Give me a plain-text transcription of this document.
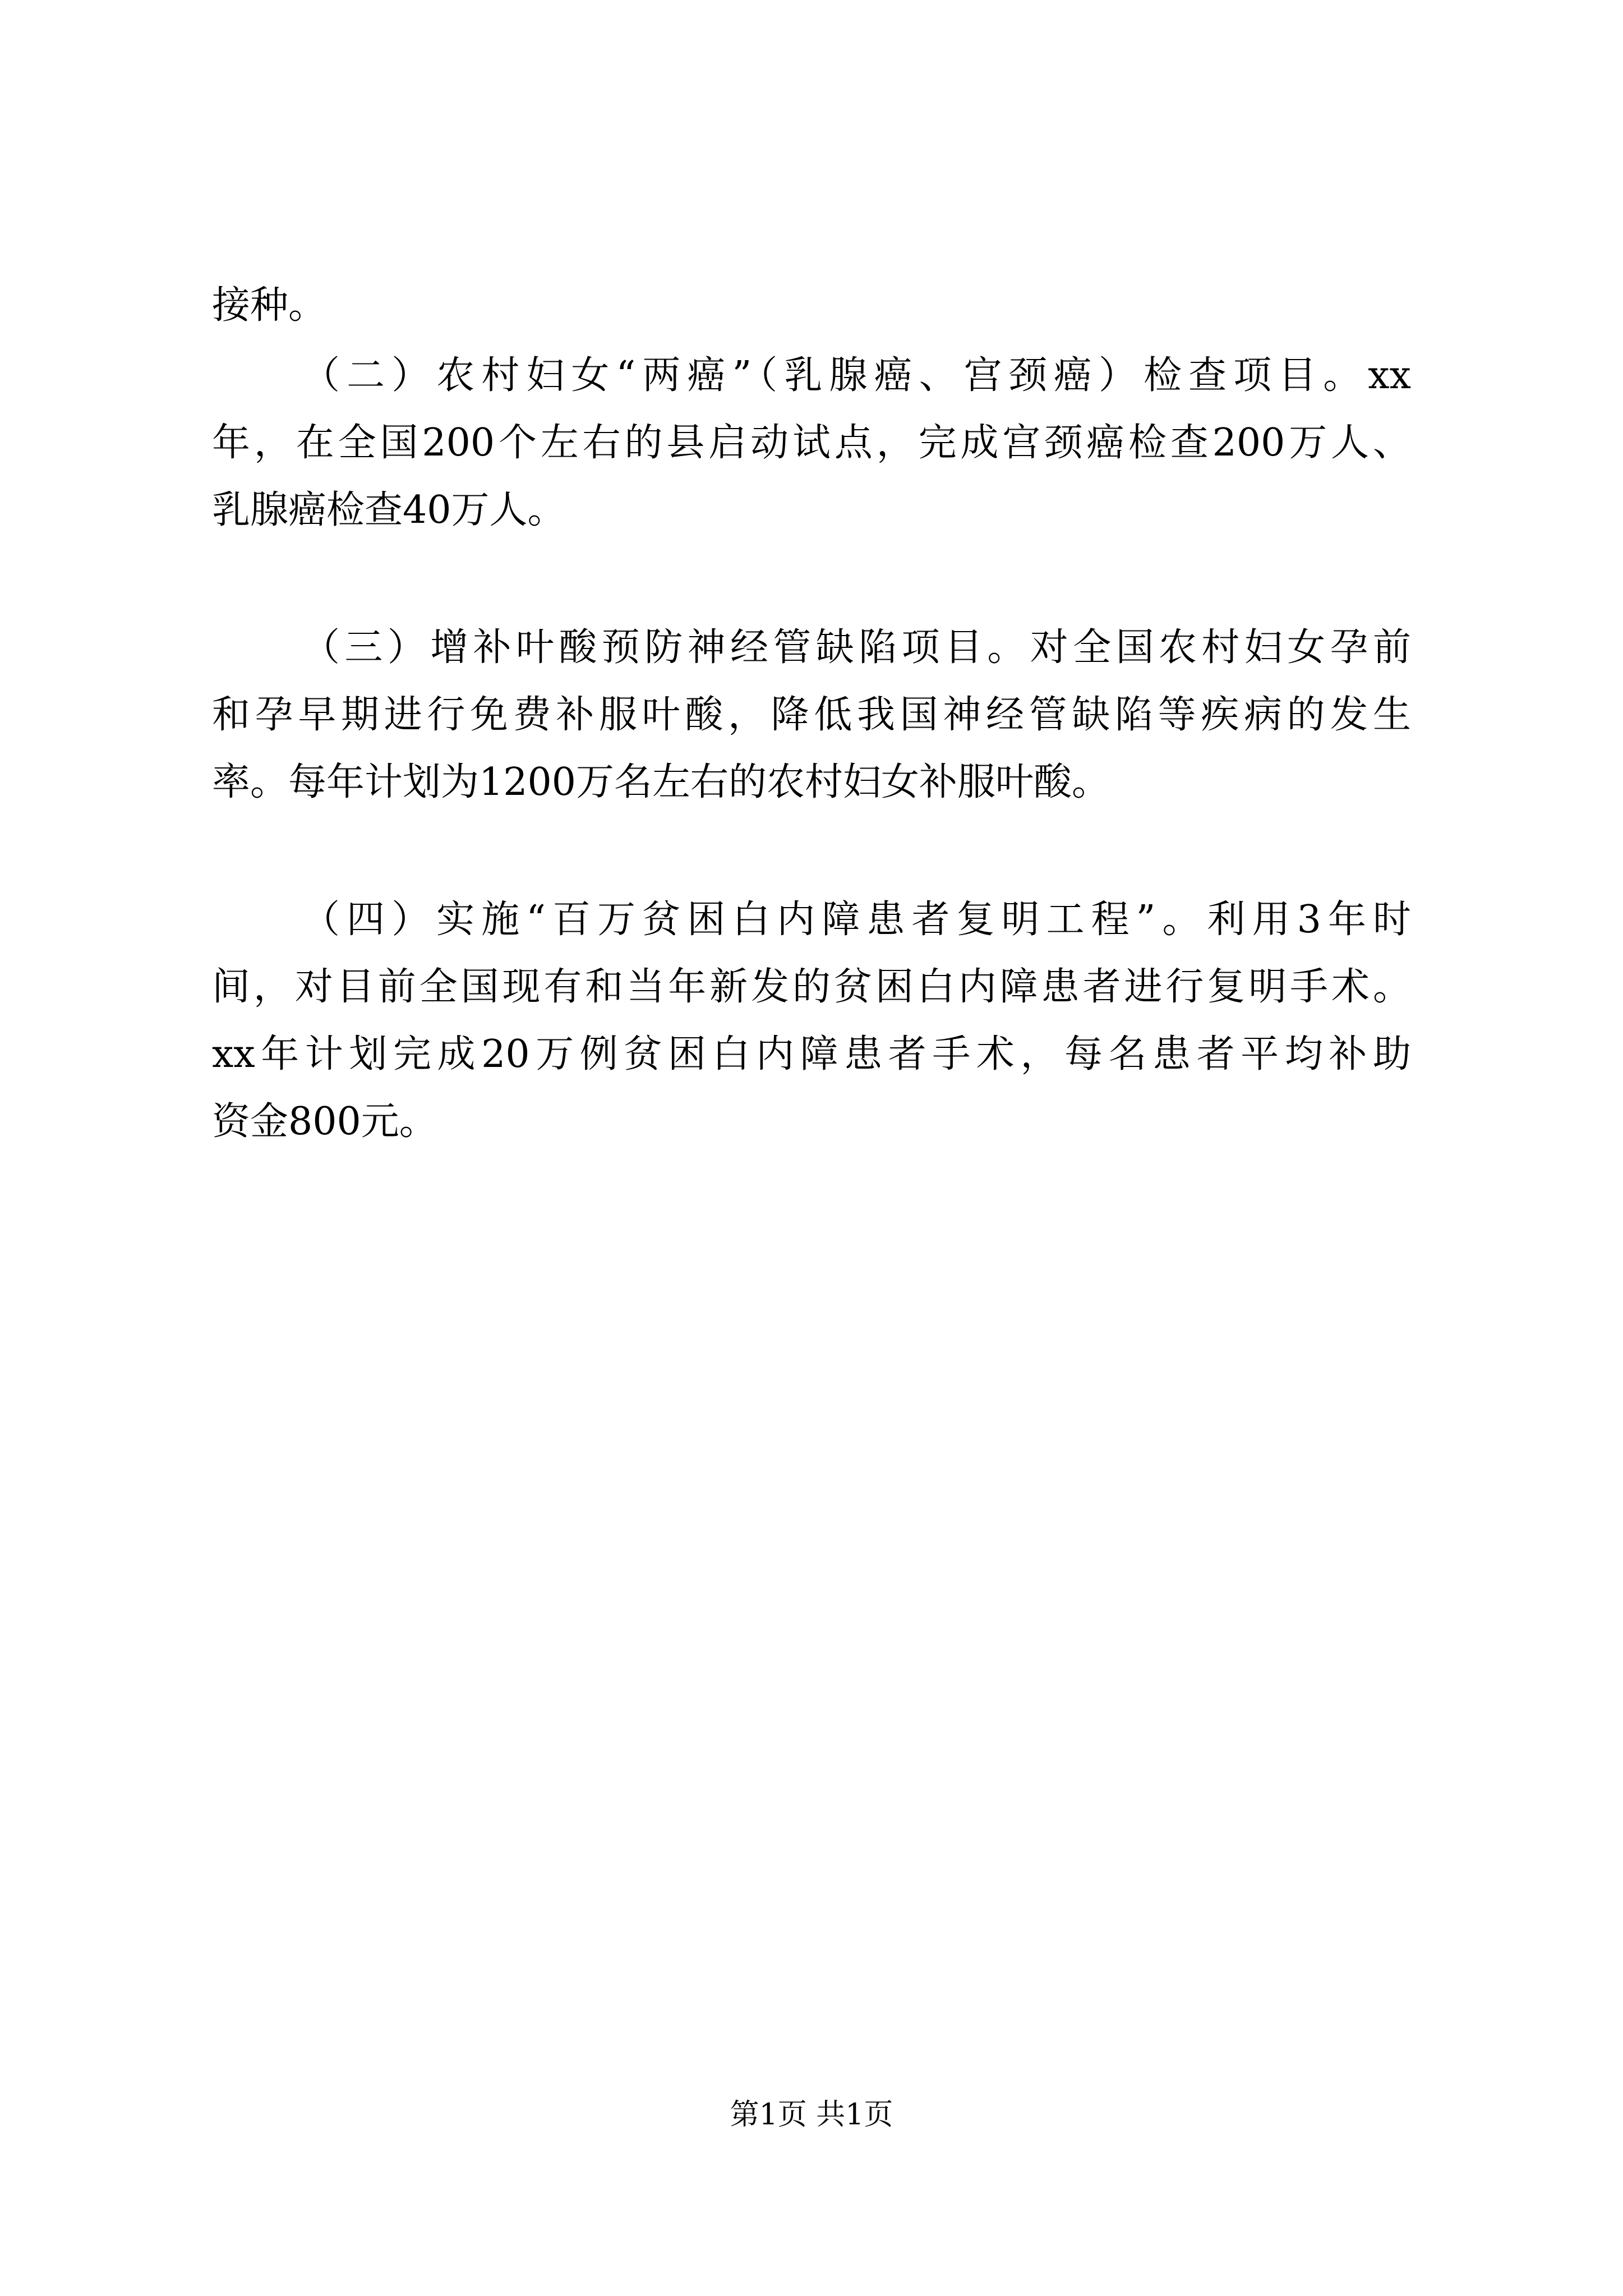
接种。
（二）农村妇女“两癌”（乳腺癌、宫颈癌）检查项目。xx
年，在全国200个左右的县启动试点，完成宫颈癌检查200万人、
乳腺癌检查40万人。
（三）增补叶酸预防神经管缺陷项目。对全国农村妇女孕前
和孕早期进行免费补服叶酸，降低我国神经管缺陷等疾病的发生
率。每年计划为1200万名左右的农村妇女补服叶酸。
（四）实施“百万贫困白内障患者复明工程”。利用3年时
间，对目前全国现有和当年新发的贫困白内障患者进行复明手术。
xx年计划完成20万例贫困白内障患者手术，每名患者平均补助
资金800元。
第1页 共1页
